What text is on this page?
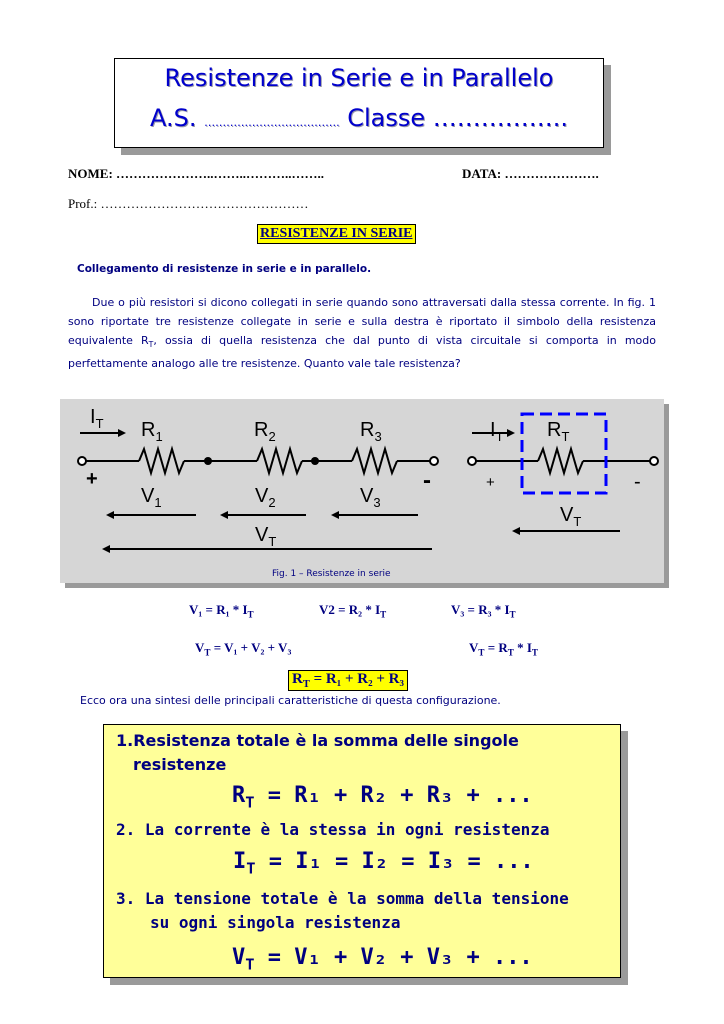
Resistenze in Serie e in Parallelo
A.S. ………………………………. Classe ……………..
NOME: …………………..……..………..……..	DATA: ………………….
Prof.: …………………………………………
RESISTENZE IN SERIE
Collegamento di resistenze in serie e in parallelo.
Due o più resistori si dicono collegati in serie quando sono attraversati dalla stessa corrente. In fig. 1 sono riportate tre resistenze collegate in serie e sulla destra è riportato il simbolo della resistenza equivalente $R_T$, ossia di quella resistenza che dal punto di vista circuitale si comporta in modo perfettamente analogo alle tre resistenze. Quanto vale tale resistenza?
$I_T$ $R_1$	$R_2$	$R_3$
+	-
$V_1$	$V_2$	$V_3$
$V_T$
$I_T$ $R_T$
+	-
$V_T$
Fig. 1 – Resistenze in serie
$V_1 = R_1 * I_T$	$V2 = R_2 * I_T$	$V_3 = R_3 * I_T$
$V_T = V_1 + V_2 + V_3$	$V_T = R_T * I_T$
$R_T = R_1 + R_2 + R_3$
Ecco ora una sintesi delle principali caratteristiche di questa configurazione.
1.Resistenza totale è la somma delle singole
resistenze
$R_T = R_1 + R_2 + R_3$ + ...
2. La corrente è la stessa in ogni resistenza
$I_T = I_1 = I_2 = I_3$ = ...
3. La tensione totale è la somma della tensione
su ogni singola resistenza
$V_T = V_1 + V_2 + V_3$ + ...
